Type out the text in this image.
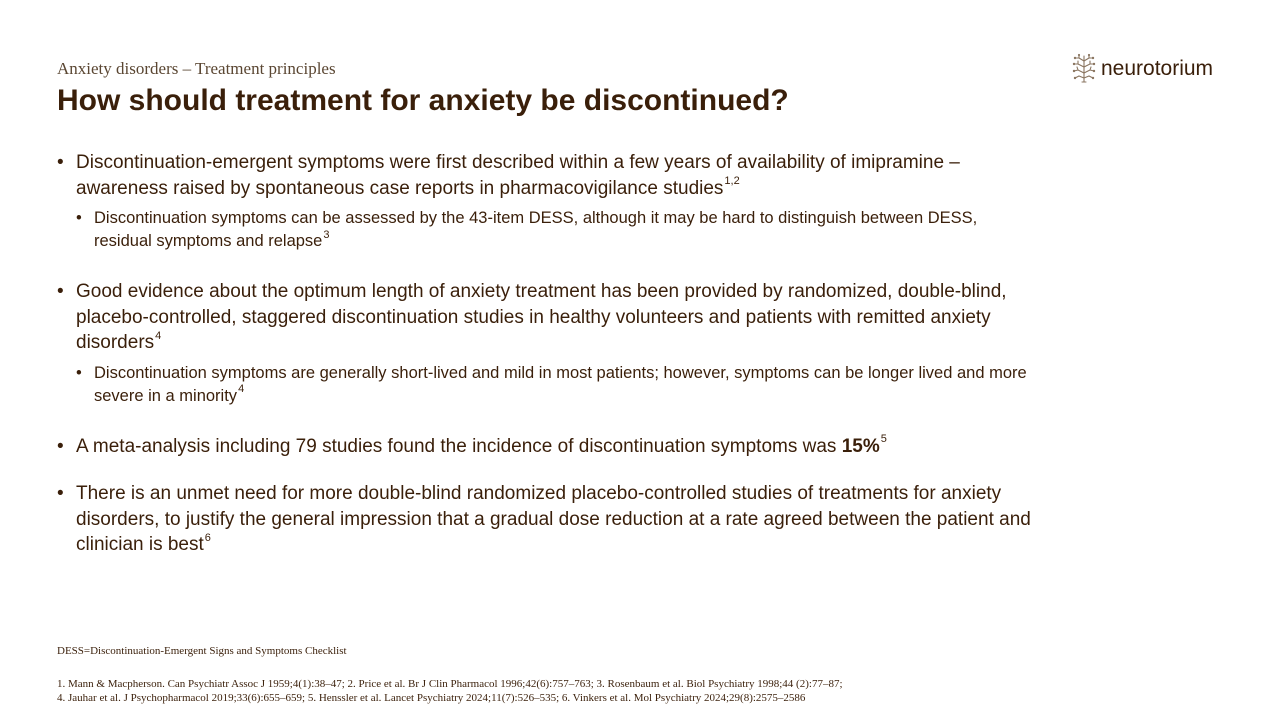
Anxiety disorders – Treatment principles
How should treatment for anxiety be discontinued?
neurotorium
• Discontinuation-emergent symptoms were first described within a few years of availability of imipramine – awareness raised by spontaneous case reports in pharmacovigilance studies$^{1,2}$
• Discontinuation symptoms can be assessed by the 43-item DESS, although it may be hard to distinguish between DESS, residual symptoms and relapse$^3$
• Good evidence about the optimum length of anxiety treatment has been provided by randomized, double-blind, placebo-controlled, staggered discontinuation studies in healthy volunteers and patients with remitted anxiety disorders$^4$
• Discontinuation symptoms are generally short-lived and mild in most patients; however, symptoms can be longer lived and more severe in a minority$^4$
• A meta-analysis including 79 studies found the incidence of discontinuation symptoms was 15%$^5$
• There is an unmet need for more double-blind randomized placebo-controlled studies of treatments for anxiety disorders, to justify the general impression that a gradual dose reduction at a rate agreed between the patient and clinician is best$^6$
DESS=Discontinuation-Emergent Signs and Symptoms Checklist
1. Mann & Macpherson. Can Psychiatr Assoc J 1959;4(1):38–47; 2. Price et al. Br J Clin Pharmacol 1996;42(6):757–763; 3. Rosenbaum et al. Biol Psychiatry 1998;44 (2):77–87;
4. Jauhar et al. J Psychopharmacol 2019;33(6):655–659; 5. Henssler et al. Lancet Psychiatry 2024;11(7):526–535; 6. Vinkers et al. Mol Psychiatry 2024;29(8):2575–2586
